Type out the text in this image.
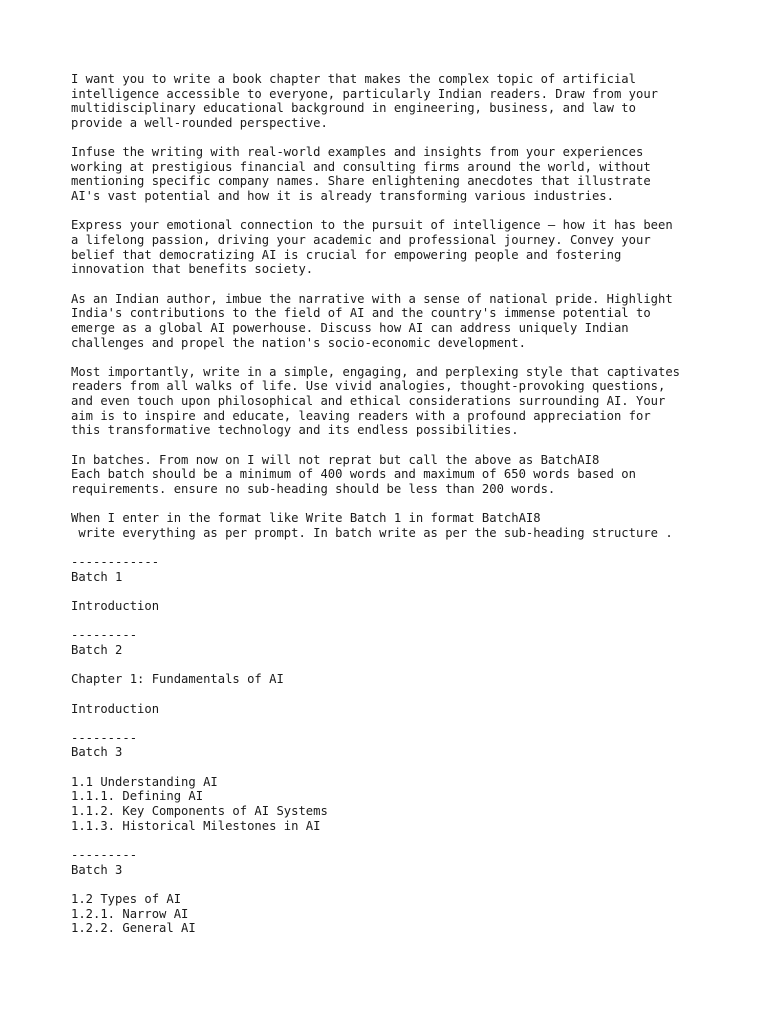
I want you to write a book chapter that makes the complex topic of artificial
intelligence accessible to everyone, particularly Indian readers. Draw from your
multidisciplinary educational background in engineering, business, and law to
provide a well-rounded perspective.
Infuse the writing with real-world examples and insights from your experiences
working at prestigious financial and consulting firms around the world, without
mentioning specific company names. Share enlightening anecdotes that illustrate
AI's vast potential and how it is already transforming various industries.
Express your emotional connection to the pursuit of intelligence – how it has been
a lifelong passion, driving your academic and professional journey. Convey your
belief that democratizing AI is crucial for empowering people and fostering
innovation that benefits society.
As an Indian author, imbue the narrative with a sense of national pride. Highlight
India's contributions to the field of AI and the country's immense potential to
emerge as a global AI powerhouse. Discuss how AI can address uniquely Indian
challenges and propel the nation's socio-economic development.
Most importantly, write in a simple, engaging, and perplexing style that captivates
readers from all walks of life. Use vivid analogies, thought-provoking questions,
and even touch upon philosophical and ethical considerations surrounding AI. Your
aim is to inspire and educate, leaving readers with a profound appreciation for
this transformative technology and its endless possibilities.
In batches. From now on I will not reprat but call the above as BatchAI8
Each batch should be a minimum of 400 words and maximum of 650 words based on
requirements. ensure no sub-heading should be less than 200 words.
When I enter in the format like Write Batch 1 in format BatchAI8
write everything as per prompt. In batch write as per the sub-heading structure .
------------
Batch 1
Introduction
---------
Batch 2
Chapter 1: Fundamentals of AI
Introduction
---------
Batch 3
1.1 Understanding AI
1.1.1. Defining AI
1.1.2. Key Components of AI Systems
1.1.3. Historical Milestones in AI
---------
Batch 3
1.2 Types of AI
1.2.1. Narrow AI
1.2.2. General AI
